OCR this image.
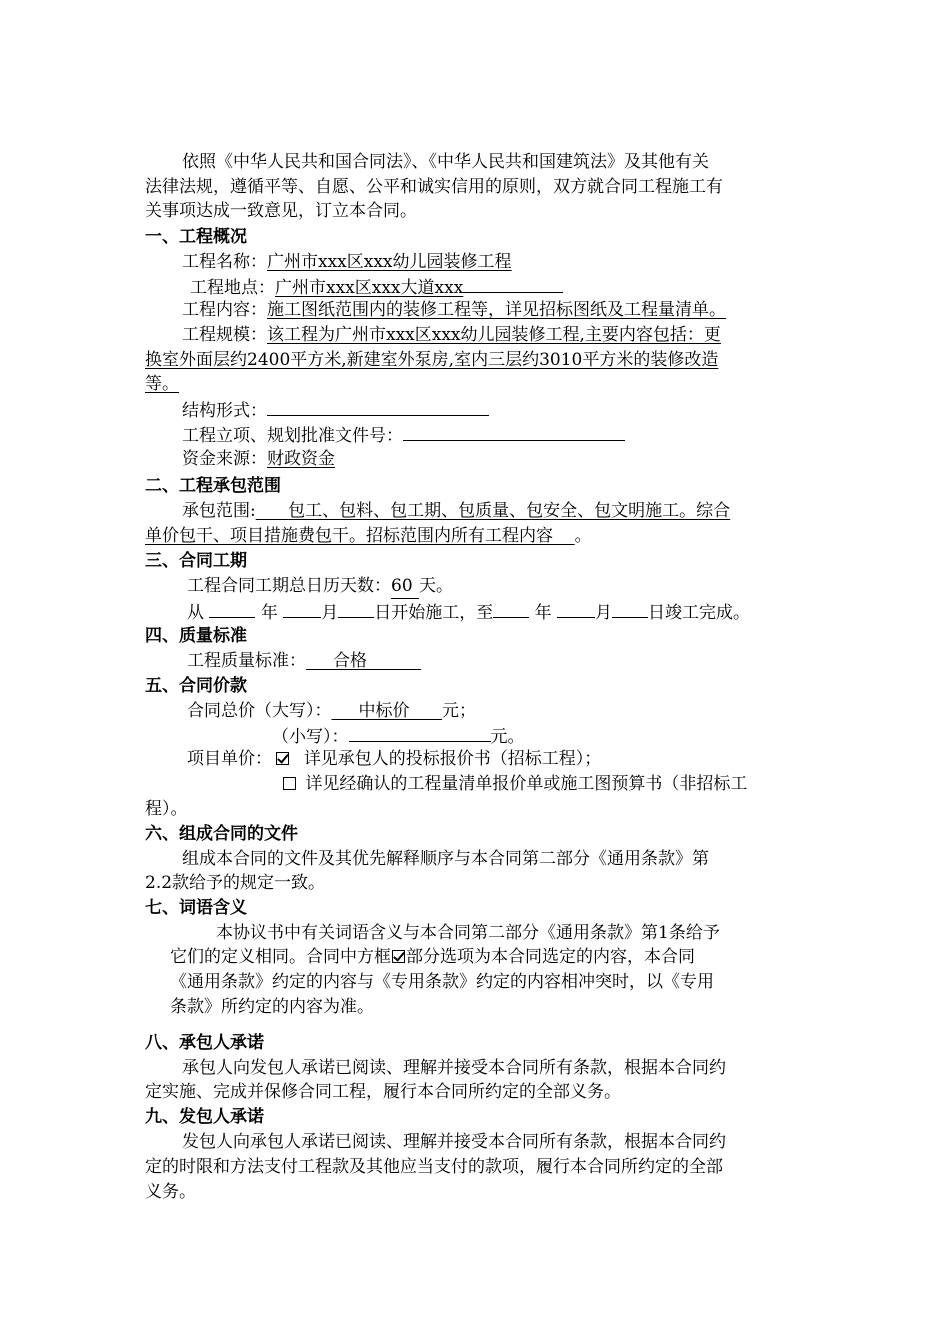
依照《中华人民共和国合同法》、《中华人民共和国建筑法》及其他有关
法律法规，遵循平等、自愿、公平和诚实信用的原则，双方就合同工程施工有
关事项达成一致意见，订立本合同。
一、工程概况
工程名称：广州市xxx区xxx幼儿园装修工程
工程地点：广州市xxx区xxx大道xxx
工程内容：施工图纸范围内的装修工程等，详见招标图纸及工程量清单。
工程规模：该工程为广州市xxx区xxx幼儿园装修工程,主要内容包括：更
换室外面层约2400平方米,新建室外泵房,室内三层约3010平方米的装修改造
等。
结构形式：
工程立项、规划批准文件号：
资金来源：财政资金
二、工程承包范围
承包范围: 包工、包料、包工期、包质量、包安全、包文明施工。综合
单价包干、项目措施费包干。招标范围内所有工程内容 。
三、合同工期
工程合同工期总日历天数：60 天。
从	年	月 日开始施工，至 年	月 日竣工完成。
四、质量标准
工程质量标准： 合格
五、合同价款
合同总价（大写）： 中标价 元；
（小写）：	元。
项目单价： 详见承包人的投标报价书（招标工程）；
详见经确认的工程量清单报价单或施工图预算书（非招标工
程）。
六、组成合同的文件
组成本合同的文件及其优先解释顺序与本合同第二部分《通用条款》第
2.2款给予的规定一致。
七、词语含义
本协议书中有关词语含义与本合同第二部分《通用条款》第1条给予
它们的定义相同。合同中方框 部分选项为本合同选定的内容，本合同
《通用条款》约定的内容与《专用条款》约定的内容相冲突时，以《专用
条款》所约定的内容为准。
八、承包人承诺
承包人向发包人承诺已阅读、理解并接受本合同所有条款，根据本合同约
定实施、完成并保修合同工程，履行本合同所约定的全部义务。
九、发包人承诺
发包人向承包人承诺已阅读、理解并接受本合同所有条款，根据本合同约
定的时限和方法支付工程款及其他应当支付的款项，履行本合同所约定的全部
义务。
